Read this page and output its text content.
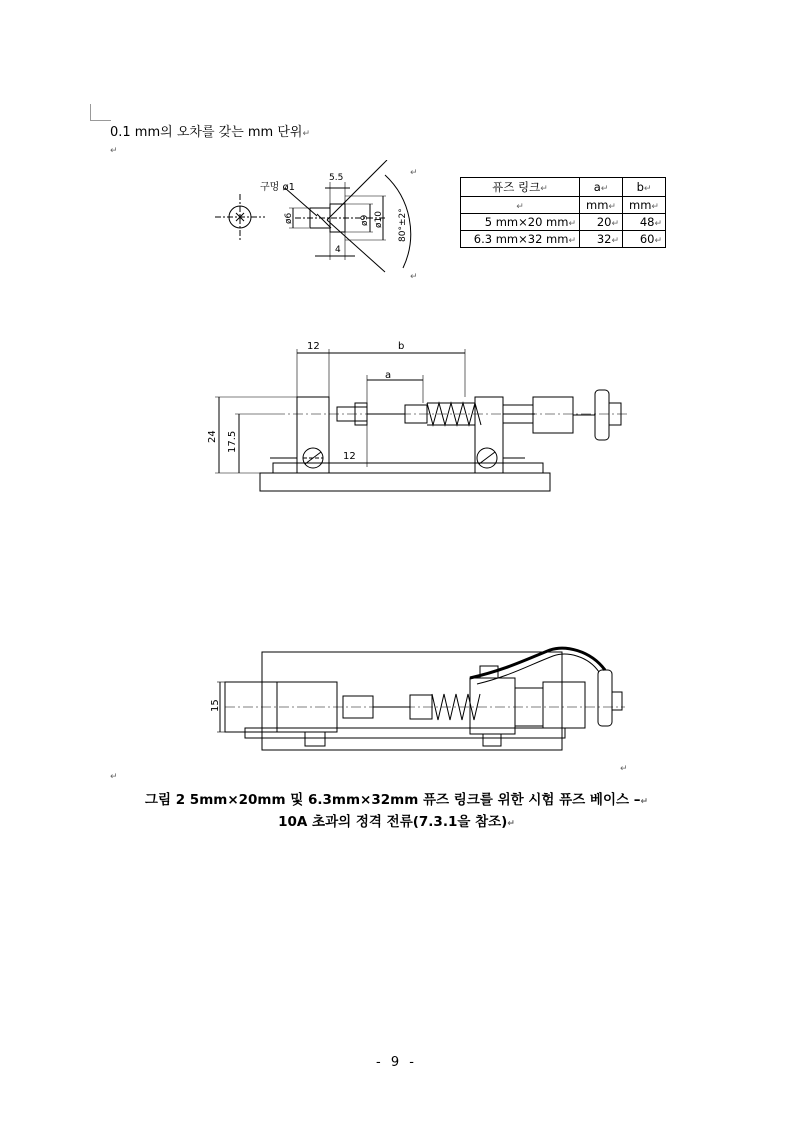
0.1 mm의 오차를 갖는 mm 단위↵
↵
구멍 ø1
5.5
ø6	ø9 ø10
4
80°±2°
↵
↵
퓨즈 링크↵	a↵	b↵
↵	mm↵	mm↵
5 mm×20 mm↵	20↵	48↵
6.3 mm×32 mm↵	32↵	60↵
12	b
a
24 17.5
12
15
↵
↵
그림 2 5mm×20mm 및 6.3mm×32mm 퓨즈 링크를 위한 시험 퓨즈 베이스 –↵
10A 초과의 정격 전류(7.3.1을 참조)↵
- 9 -
